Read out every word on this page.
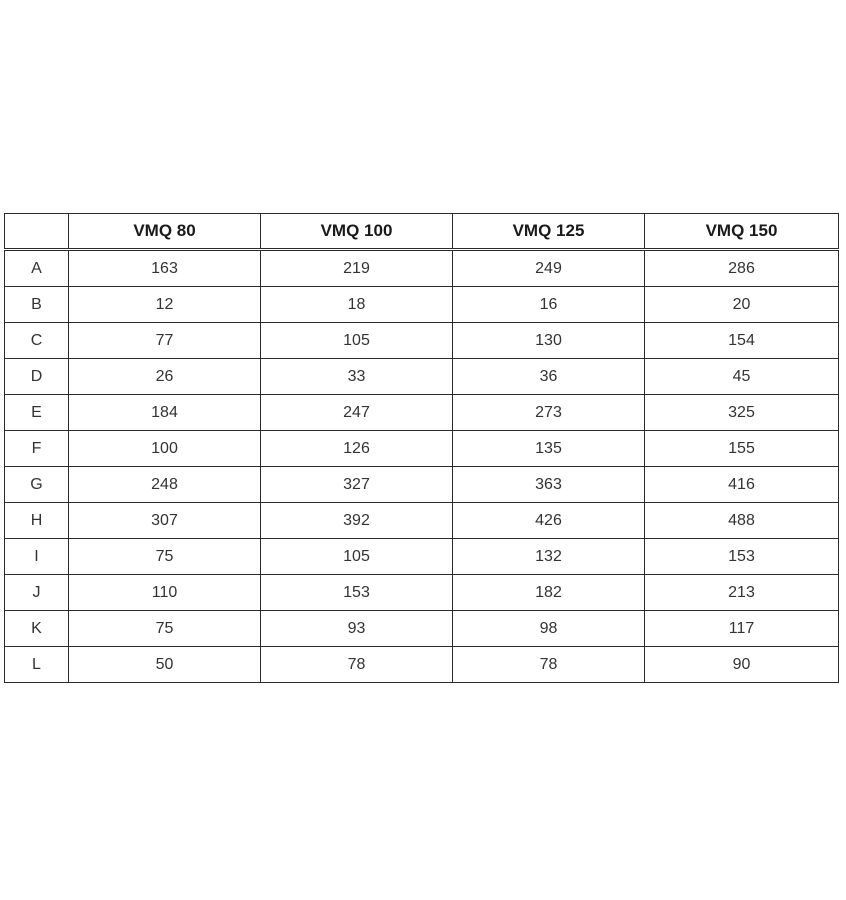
	VMQ 80	VMQ 100	VMQ 125	VMQ 150
A	163	219	249	286
B	12	18	16	20
C	77	105	130	154
D	26	33	36	45
E	184	247	273	325
F	100	126	135	155
G	248	327	363	416
H	307	392	426	488
I	75	105	132	153
J	110	153	182	213
K	75	93	98	117
L	50	78	78	90
